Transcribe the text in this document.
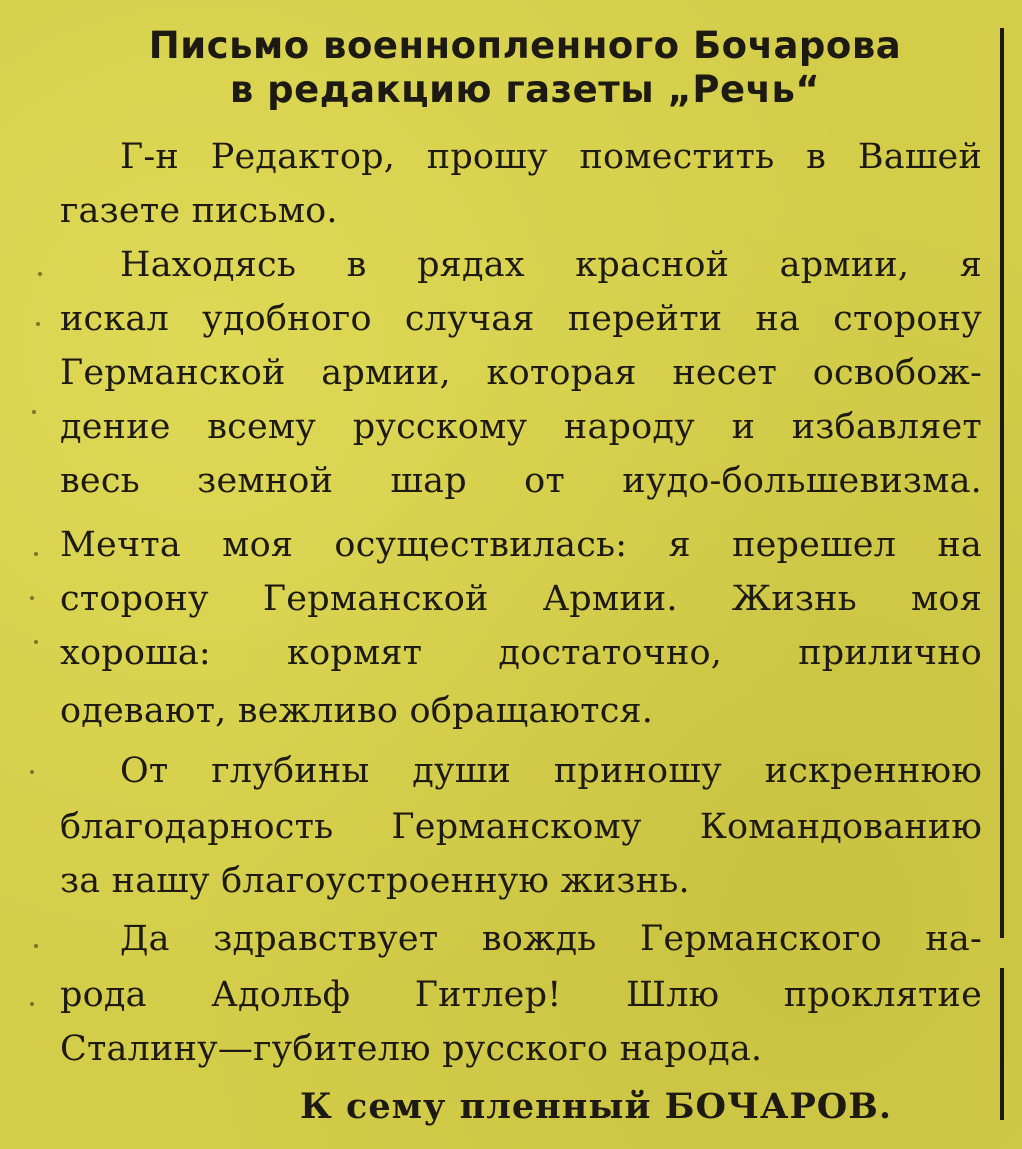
Письмо военнопленного Бочарова
в редакцию газеты „Речь“
Г-н Редактор, прошу поместить в Вашей
газете письмо.
Находясь в рядах красной армии, я
искал удобного случая перейти на сторону
Германской армии, которая несет освобож-
дение всему русскому народу и избавляет
весь земной шар от иудо-большевизма.
Мечта моя осуществилась: я перешел на
сторону Германской Армии. Жизнь моя
хороша: кормят достаточно, прилично
одевают, вежливо обращаются.
От глубины души приношу искреннюю
благодарность Германскому Командованию
за нашу благоустроенную жизнь.
Да здравствует вождь Германского на-
рода Адольф Гитлер! Шлю проклятие
Сталину—губителю русского народа.
К сему пленный БОЧАРОВ.
